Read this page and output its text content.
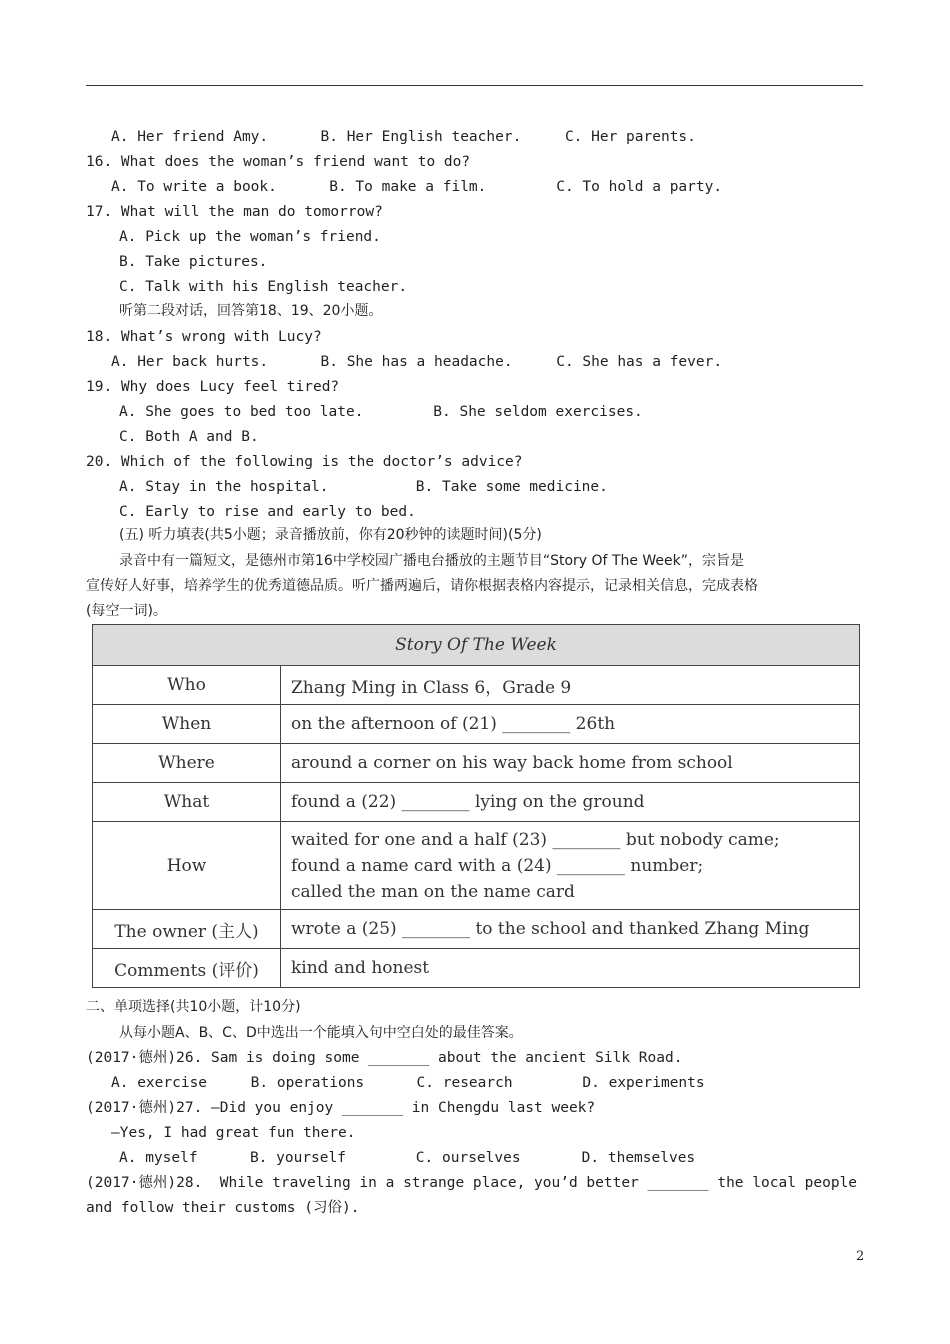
A. Her friend Amy.      B. Her English teacher.     C. Her parents.
16. What does the woman’s friend want to do?
A. To write a book.      B. To make a film.        C. To hold a party.
17. What will the man do tomorrow?
A. Pick up the woman’s friend.
B. Take pictures.
C. Talk with his English teacher.
听第二段对话，回答第18、19、20小题。
18. What’s wrong with Lucy?
A. Her back hurts.      B. She has a headache.     C. She has a fever.
19. Why does Lucy feel tired?
A. She goes to bed too late.        B. She seldom exercises.
C. Both A and B.
20. Which of the following is the doctor’s advice?
A. Stay in the hospital.          B. Take some medicine.
C. Early to rise and early to bed.
(五) 听力填表(共5小题；录音播放前，你有20秒钟的读题时间)(5分)
录音中有一篇短文，是德州市第16中学校园广播电台播放的主题节目“Story Of The Week”，宗旨是
宣传好人好事，培养学生的优秀道德品质。听广播两遍后，请你根据表格内容提示，记录相关信息，完成表格
(每空一词)。
Story Of The Week	
Who	Zhang Ming in Class 6，Grade 9
When	on the afternoon of (21) ________ 26th
Where	around a corner on his way back home from school
What	found a (22) ________ lying on the ground
How	waited for one and a half (23) ________ but nobody came;
found a name card with a (24) ________ number;
called the man on the name card

The owner (主人)	wrote a (25) ________ to the school and thanked Zhang Ming
Comments (评价)	kind and honest
二、单项选择(共10小题，计10分)
从每小题A、B、C、D中选出一个能填入句中空白处的最佳答案。
(2017·德州)26. Sam is doing some _______ about the ancient Silk Road.
A. exercise     B. operations      C. research        D. experiments
(2017·德州)27. —Did you enjoy _______ in Chengdu last week?
—Yes, I had great fun there.
A. myself      B. yourself        C. ourselves       D. themselves
(2017·德州)28.  While traveling in a strange place, you’d better _______ the local people
and follow their customs (习俗).
2
